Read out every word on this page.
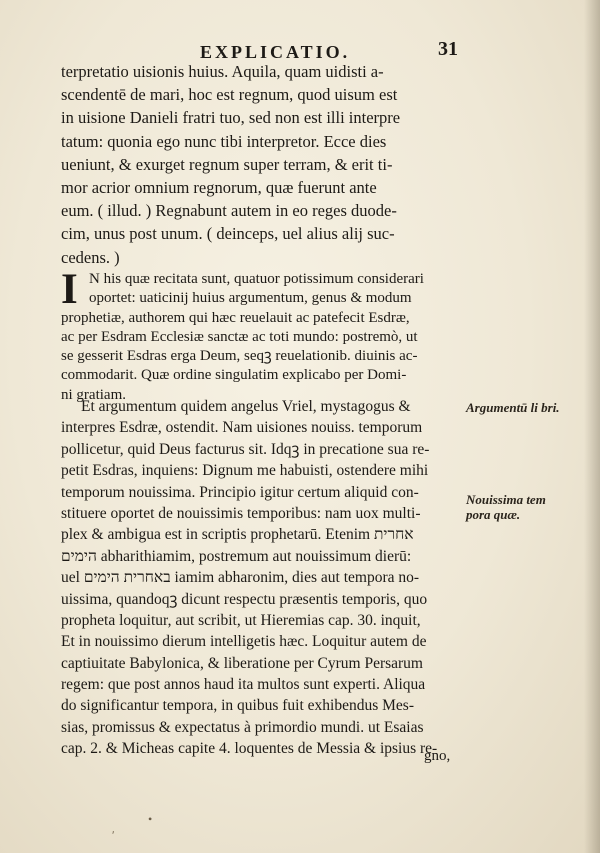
EXPLICATIO.	31
terpretatio uisionis huius. Aquila, quam uidisti a-
scendentē de mari, hoc est regnum, quod uisum est
in uisione Danieli fratri tuo, sed non est illi interpre
tatum: quonia ego nunc tibi interpretor. Ecce dies
ueniunt, & exurget regnum super terram, & erit ti-
mor acrior omnium regnorum, quæ fuerunt ante
eum. ( illud. ) Regnabunt autem in eo reges duode-
cim, unus post unum. ( deinceps, uel alius alij suc-
cedens. )
I N his quæ recitata sunt, quatuor potissimum considerari
oportet: uaticinij huius argumentum, genus & modum
prophetiæ, authorem qui hæc reuelauit ac patefecit Esdræ,
ac per Esdram Ecclesiæ sanctæ ac toti mundo: postremò, ut
se gesserit Esdras erga Deum, seqꝫ reuelationib. diuinis ac-
commodarit. Quæ ordine singulatim explicabo per Domi-
ni gratiam.
Et argumentum quidem angelus Vriel, mystagogus &
interpres Esdræ, ostendit. Nam uisiones nouiss. temporum
pollicetur, quid Deus facturus sit. Idqꝫ in precatione sua re-
petit Esdras, inquiens: Dignum me habuisti, ostendere mihi
temporum nouissima. Principio igitur certum aliquid con-
stituere oportet de nouissimis temporibus: nam uox multi-
plex & ambigua est in scriptis prophetarū. Etenim אחרית
הימים abharithiamim, postremum aut nouissimum dierū:
uel באחרית הימים iamim abharonim, dies aut tempora no-
uissima, quandoqꝫ dicunt respectu præsentis temporis, quo
propheta loquitur, aut scribit, ut Hieremias cap. 30. inquit,
Et in nouissimo dierum intelligetis hæc. Loquitur autem de
captiuitate Babylonica, & liberatione per Cyrum Persarum
regem: que post annos haud ita multos sunt experti. Aliqua
do significantur tempora, in quibus fuit exhibendus Mes-
sias, promissus & expectatus à primordio mundi. ut Esaias
cap. 2. & Micheas capite 4. loquentes de Messia & ipsius re-
Argumentū li bri.
Nouissima tem pora quæ.
gno,
•
ʹ
